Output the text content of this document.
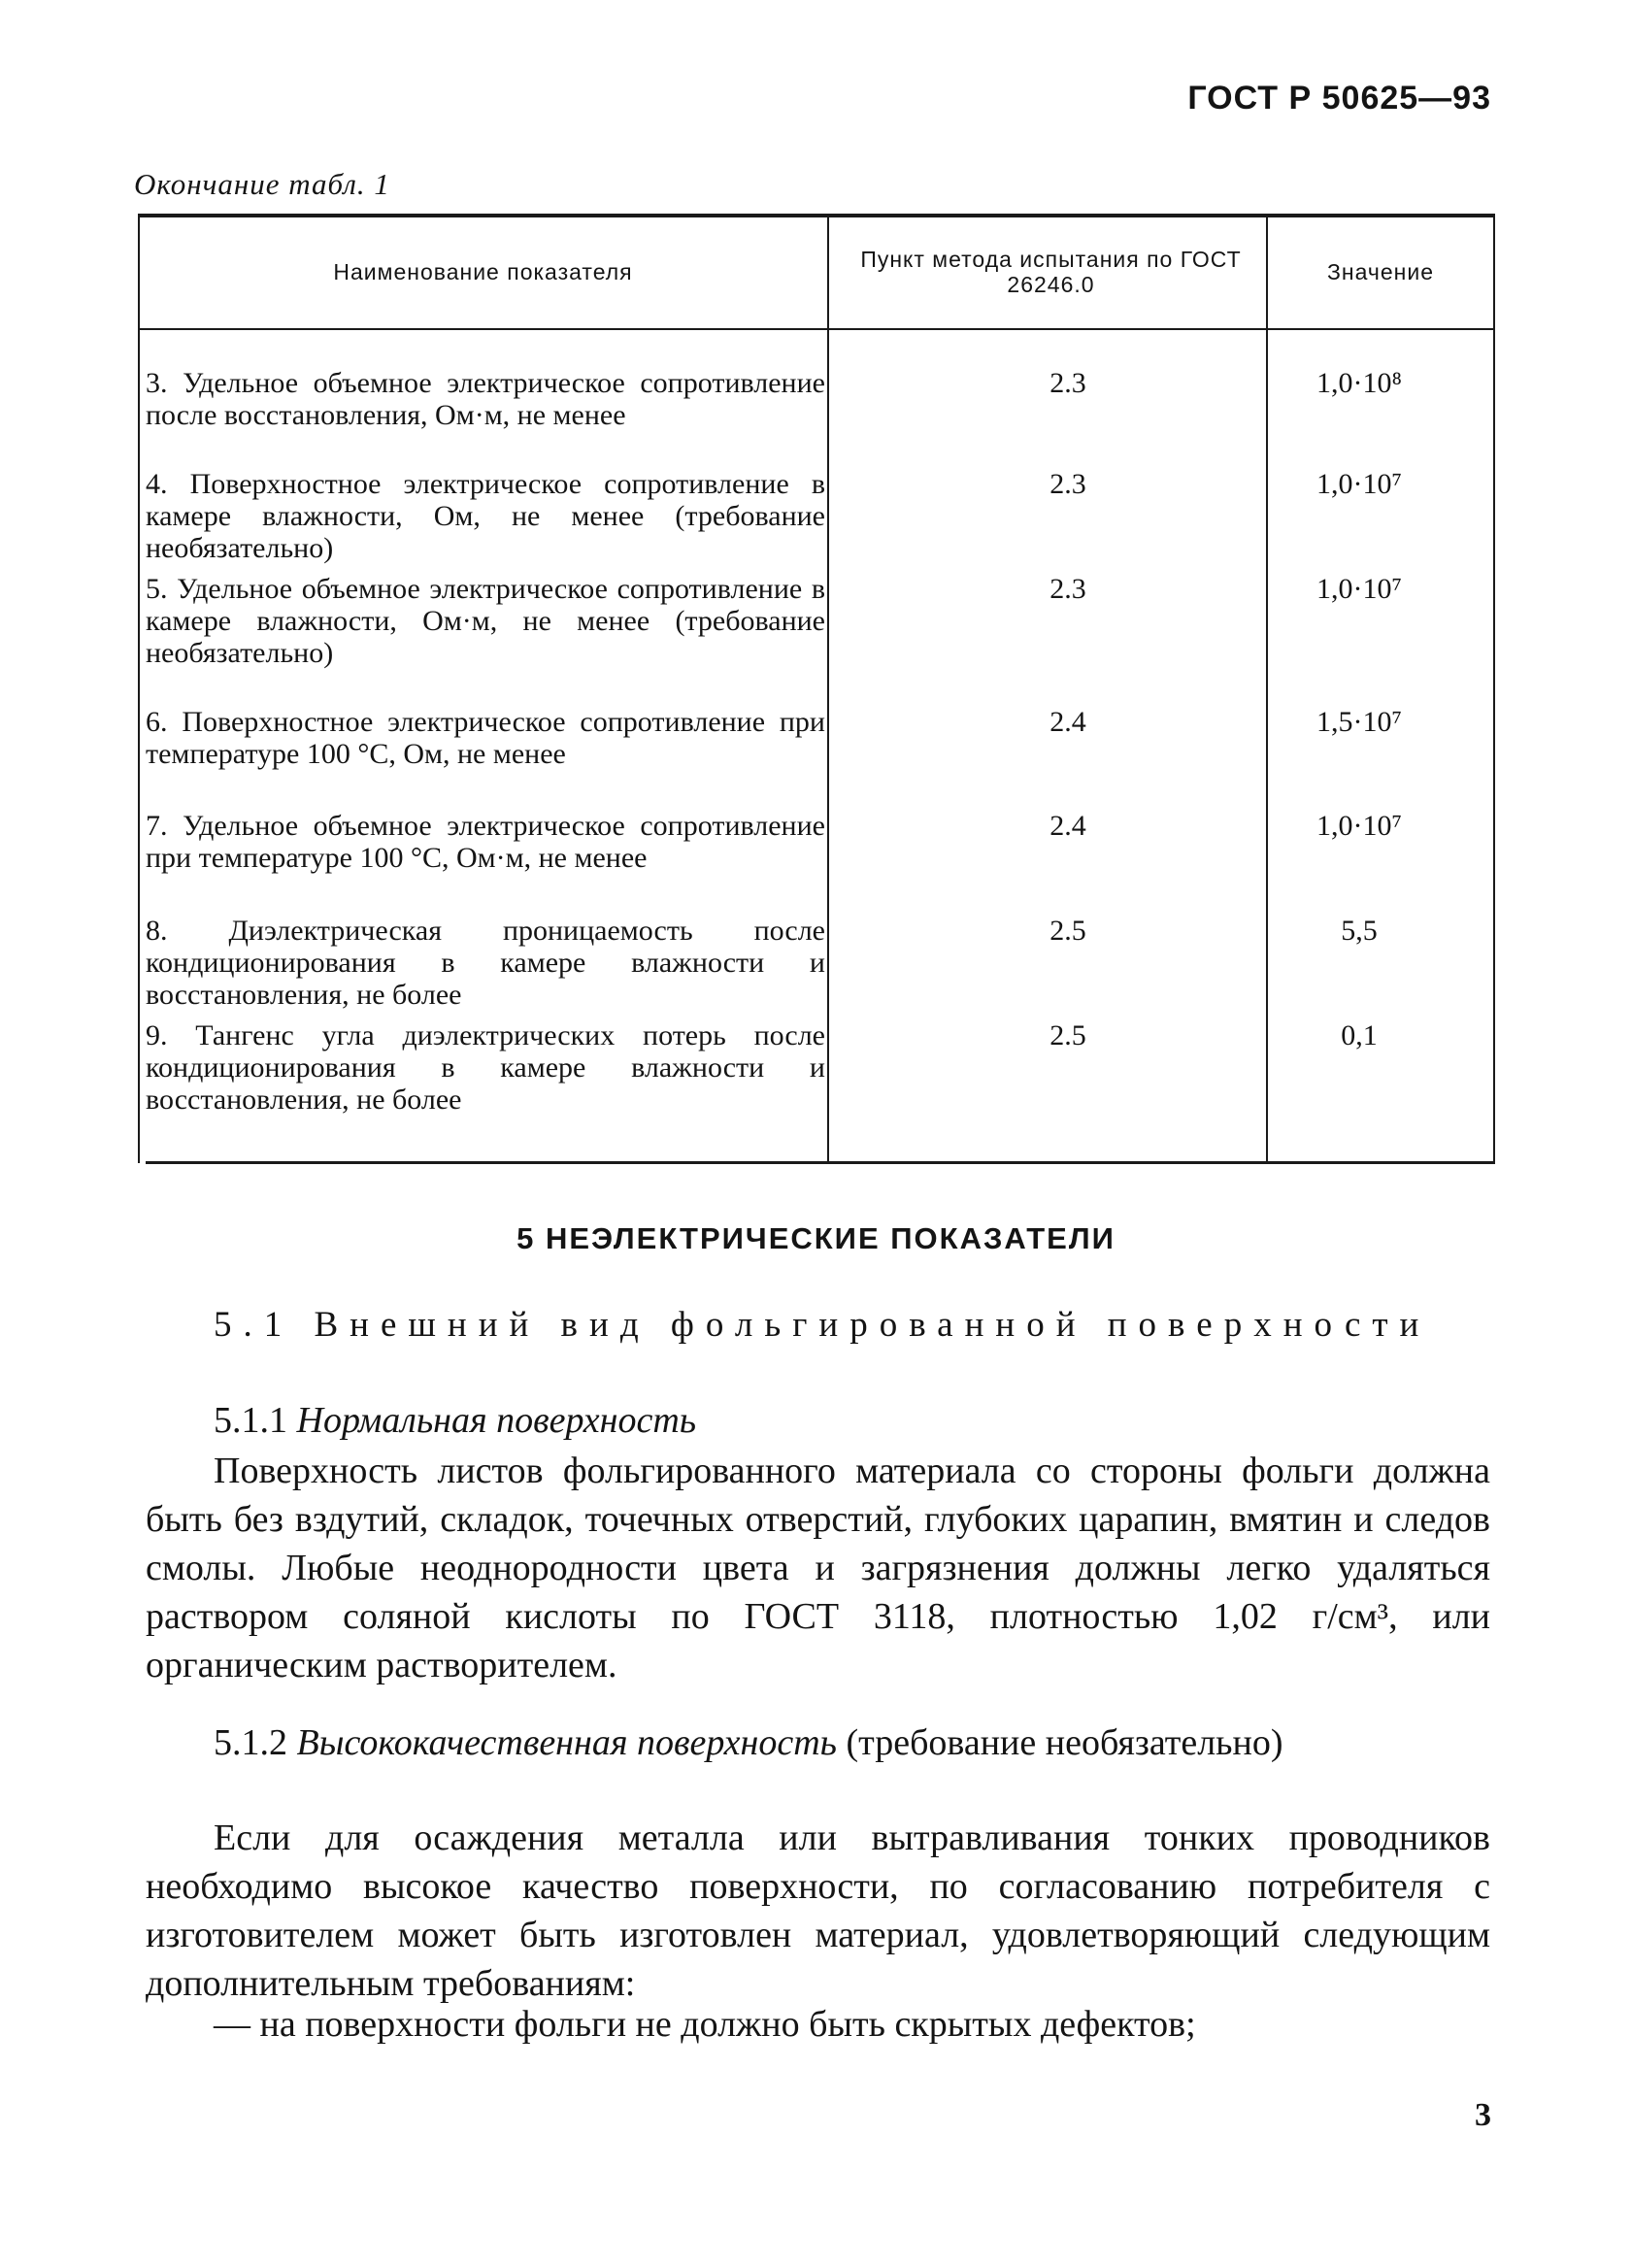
ГОСТ Р 50625—93
Окончание табл. 1
Наименование показателя	Пункт метода испытания по ГОСТ 26246.0	Значение
3. Удельное объемное электрическое сопротивление после восстановления, Ом·м, не менее
2.3	1,0·10⁸
4. Поверхностное электрическое сопротивление в камере влажности, Ом, не менее (требование необязательно)
2.3	1,0·10⁷
5. Удельное объемное электрическое сопротивление в камере влажности, Ом·м, не менее (требование необязательно)
2.3	1,0·10⁷
6. Поверхностное электрическое сопротивление при температуре 100 °С, Ом, не менее
2.4	1,5·10⁷
7. Удельное объемное электрическое сопротивление при температуре 100 °С, Ом·м, не менее
2.4	1,0·10⁷
8. Диэлектрическая проницаемость после кондиционирования в камере влажности и восстановления, не более
2.5	5,5
9. Тангенс угла диэлектрических потерь после кондиционирования в камере влажности и восстановления, не более
2.5	0,1
5 НЕЭЛЕКТРИЧЕСКИЕ ПОКАЗАТЕЛИ
5.1 Внешний вид фольгированной поверхности
5.1.1 Нормальная поверхность
Поверхность листов фольгированного материала со стороны фольги должна быть без вздутий, складок, точечных отверстий, глубоких царапин, вмятин и следов смолы. Любые неоднородности цвета и загрязнения должны легко удаляться раствором соляной кислоты по ГОСТ 3118, плотностью 1,02 г/см³, или органическим растворителем.
5.1.2 Высококачественная поверхность (требование необязательно)
Если для осаждения металла или вытравливания тонких проводников необходимо высокое качество поверхности, по согласованию потребителя с изготовителем может быть изготовлен материал, удовлетворяющий следующим дополнительным требованиям:
— на поверхности фольги не должно быть скрытых дефектов;
3
